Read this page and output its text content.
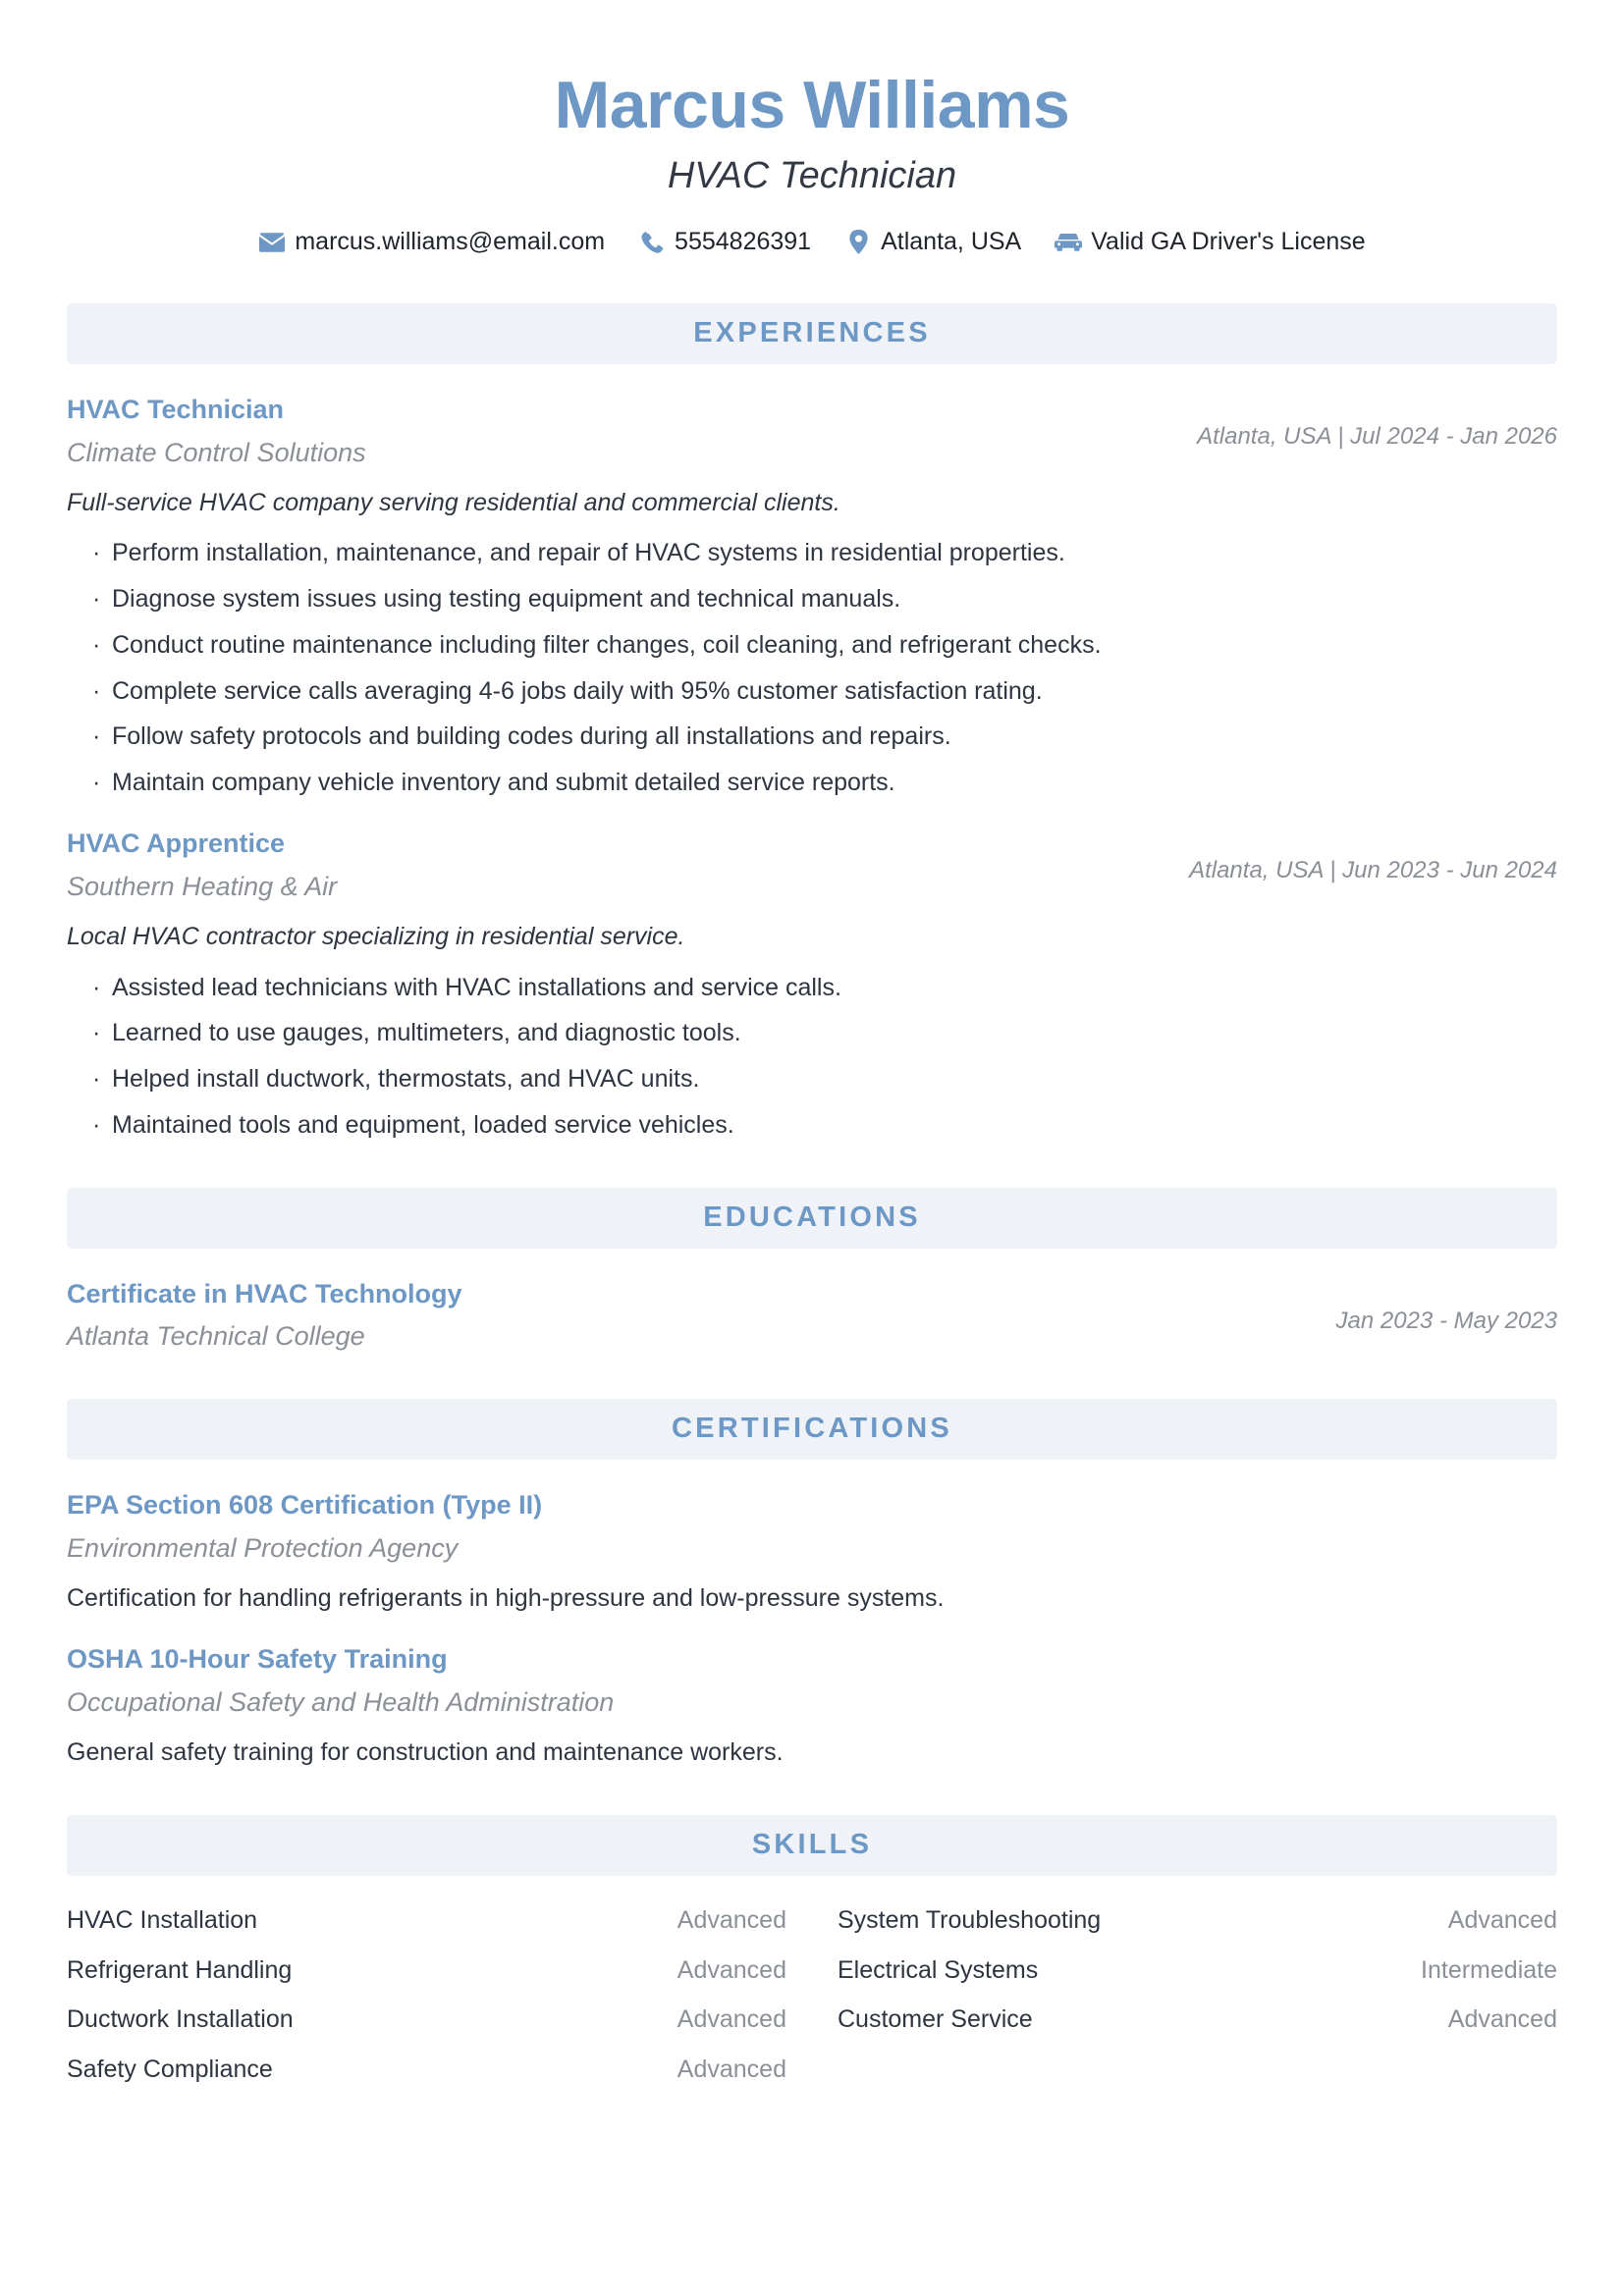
Marcus Williams
HVAC Technician
marcus.williams@email.com	5554826391	Atlanta, USA	Valid GA Driver's License
EXPERIENCES
HVAC Technician
Climate Control Solutions
Atlanta, USA | Jul 2024 - Jan 2026
Full-service HVAC company serving residential and commercial clients.
· Perform installation, maintenance, and repair of HVAC systems in residential properties.
· Diagnose system issues using testing equipment and technical manuals.
· Conduct routine maintenance including filter changes, coil cleaning, and refrigerant checks.
· Complete service calls averaging 4-6 jobs daily with 95% customer satisfaction rating.
· Follow safety protocols and building codes during all installations and repairs.
· Maintain company vehicle inventory and submit detailed service reports.
HVAC Apprentice
Southern Heating & Air
Atlanta, USA | Jun 2023 - Jun 2024
Local HVAC contractor specializing in residential service.
· Assisted lead technicians with HVAC installations and service calls.
· Learned to use gauges, multimeters, and diagnostic tools.
· Helped install ductwork, thermostats, and HVAC units.
· Maintained tools and equipment, loaded service vehicles.
EDUCATIONS
Certificate in HVAC Technology
Atlanta Technical College
Jan 2023 - May 2023
CERTIFICATIONS
EPA Section 608 Certification (Type II)
Environmental Protection Agency
Certification for handling refrigerants in high-pressure and low-pressure systems.
OSHA 10-Hour Safety Training
Occupational Safety and Health Administration
General safety training for construction and maintenance workers.
SKILLS
HVAC Installation	Advanced System Troubleshooting	Advanced
Refrigerant Handling	Advanced Electrical Systems	Intermediate
Ductwork Installation	Advanced Customer Service	Advanced
Safety Compliance	Advanced
